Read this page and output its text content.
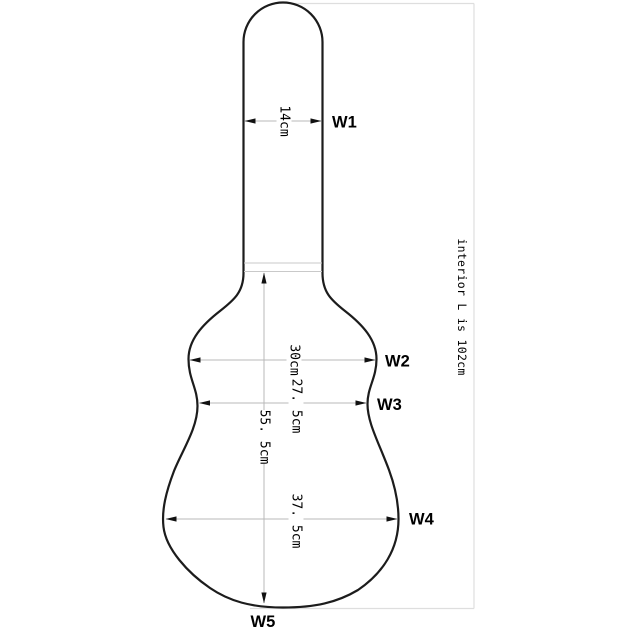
14cm
30cm
27. 5cm
55. 5cm
37. 5cm
interior L is 102cm
W1
W2
W3
W4
W5
